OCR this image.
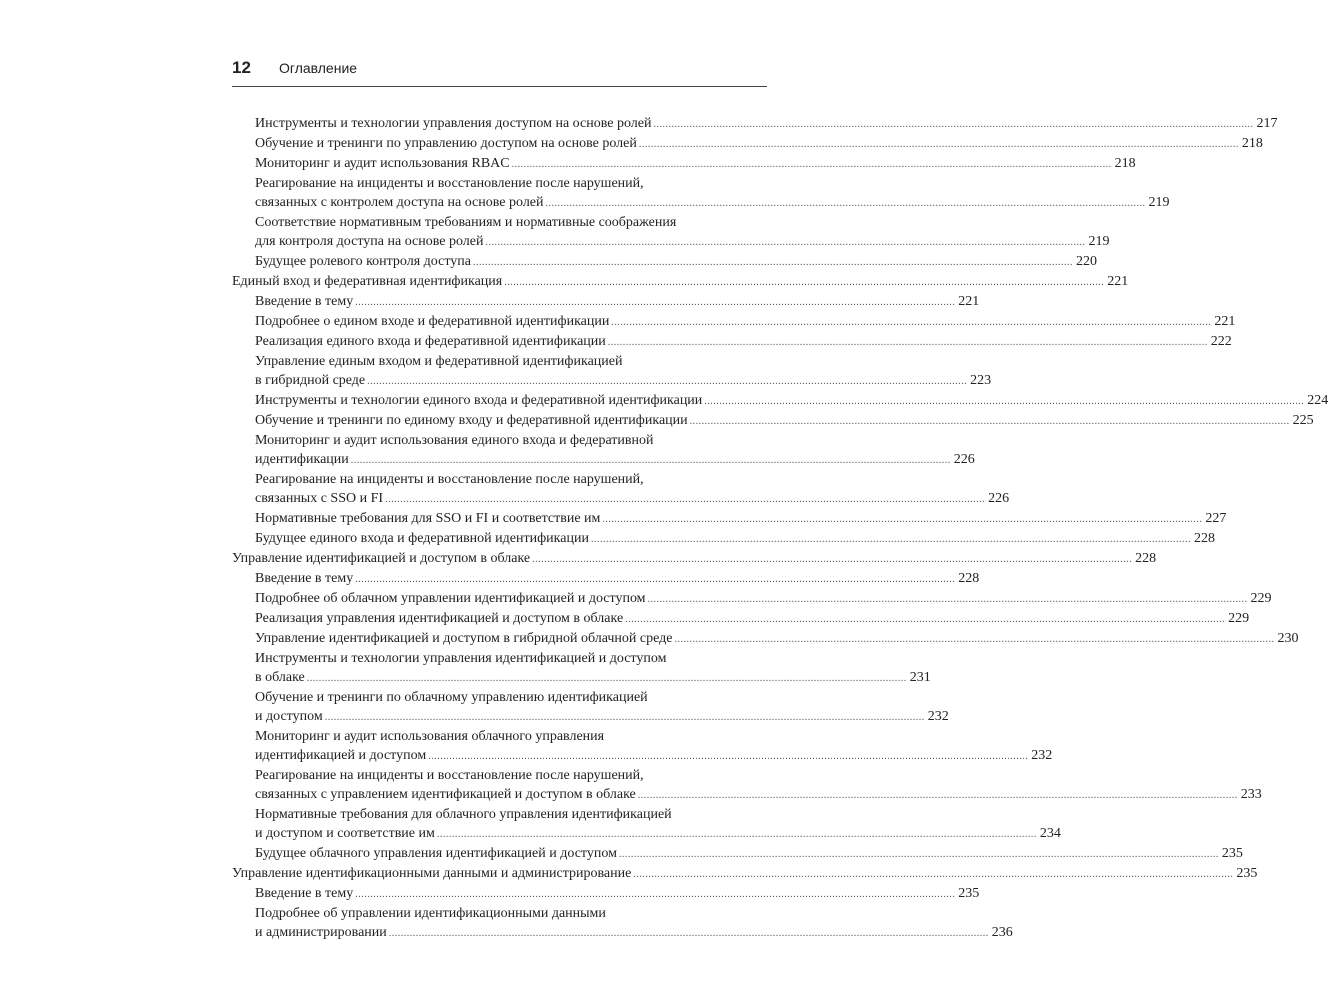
12 Оглавление
Инструменты и технологии управления доступом на основе ролей .....	217
Обучение и тренинги по управлению доступом на основе ролей .....	218
Мониторинг и аудит использования RBAC .....	218
Реагирование на инциденты и восстановление после нарушений,
связанных с контролем доступа на основе ролей .....	219
Соответствие нормативным требованиям и нормативные соображения
для контроля доступа на основе ролей .....	219
Будущее ролевого контроля доступа .....	220
Единый вход и федеративная идентификация .....	221
Введение в тему .....	221
Подробнее о едином входе и федеративной идентификации .....	221
Реализация единого входа и федеративной идентификации .....	222
Управление единым входом и федеративной идентификацией
в гибридной среде .....	223
Инструменты и технологии единого входа и федеративной идентификации .....	224
Обучение и тренинги по единому входу и федеративной идентификации .....	225
Мониторинг и аудит использования единого входа и федеративной
идентификации .....	226
Реагирование на инциденты и восстановление после нарушений,
связанных с SSO и FI .....	226
Нормативные требования для SSO и FI и соответствие им .....	227
Будущее единого входа и федеративной идентификации .....	228
Управление идентификацией и доступом в облаке .....	228
Введение в тему .....	228
Подробнее об облачном управлении идентификацией и доступом .....	229
Реализация управления идентификацией и доступом в облаке .....	229
Управление идентификацией и доступом в гибридной облачной среде .....	230
Инструменты и технологии управления идентификацией и доступом
в облаке .....	231
Обучение и тренинги по облачному управлению идентификацией
и доступом .....	232
Мониторинг и аудит использования облачного управления
идентификацией и доступом .....	232
Реагирование на инциденты и восстановление после нарушений,
связанных с управлением идентификацией и доступом в облаке .....	233
Нормативные требования для облачного управления идентификацией
и доступом и соответствие им .....	234
Будущее облачного управления идентификацией и доступом .....	235
Управление идентификационными данными и администрирование .....	235
Введение в тему .....	235
Подробнее об управлении идентификационными данными
и администрировании .....	236
